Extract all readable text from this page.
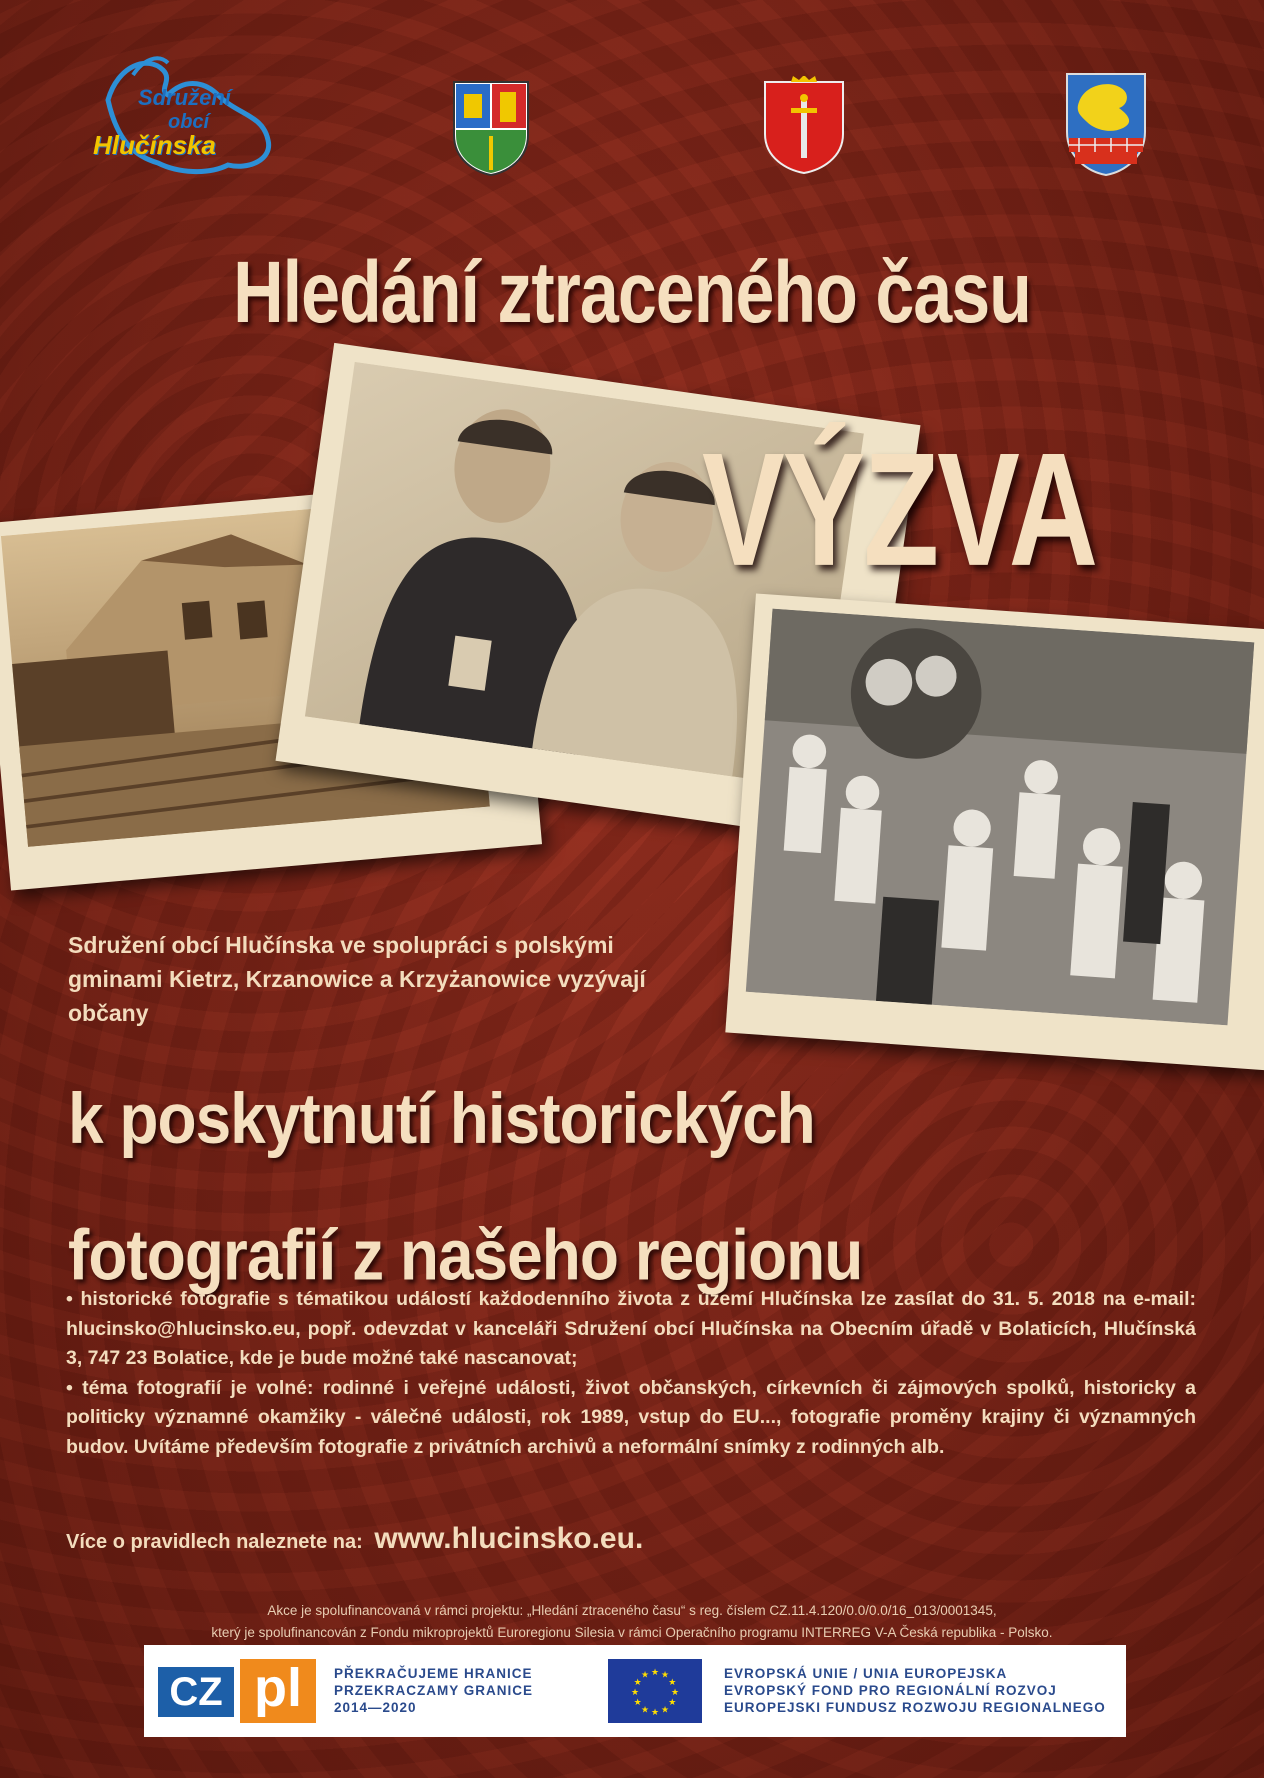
Sdružení
obcí
Hlučínska
Hledání ztraceného času
VÝZVA
Sdružení obcí Hlučínska ve spolupráci s polskými gminami Kietrz, Krzanowice a Krzyżanowice vyzývají občany
k poskytnutí historických
fotografií z našeho regionu

• historické fotografie s tématikou událostí každodenního života z území Hlučínska lze zasílat do 31. 5. 2018 na e-mail: hlucinsko@hlucinsko.eu, popř. odevzdat v kanceláři Sdružení obcí Hlučínska na Obecním úřadě v Bolaticích, Hlučínská 3, 747 23 Bolatice, kde je bude možné také nascanovat;

• téma fotografií je volné: rodinné i veřejné události, život občanských, církevních či zájmových spolků, historicky a politicky významné okamžiky - válečné události, rok 1989, vstup do EU..., fotografie proměny krajiny či významných budov. Uvítáme především fotografie z privátních archivů a neformální snímky z rodinných alb.

Více o pravidlech naleznete na: www.hlucinsko.eu.
Akce je spolufinancovaná v rámci projektu: „Hledání ztraceného času“ s reg. číslem CZ.11.4.120/0.0/0.0/16_013/0001345,
který je spolufinancován z Fondu mikroprojektů Euroregionu Silesia v rámci Operačního programu INTERREG V-A Česká republika - Polsko.
CZ pl	PŘEKRAČUJEME HRANICE
PRZEKRACZAMY GRANICE
2014—2020
★
★
★
★
★
★
★
★
★ ★ ★
★
EVROPSKÁ UNIE / UNIA EUROPEJSKA
EVROPSKÝ FOND PRO REGIONÁLNÍ ROZVOJ
EUROPEJSKI FUNDUSZ ROZWOJU REGIONALNEGO
